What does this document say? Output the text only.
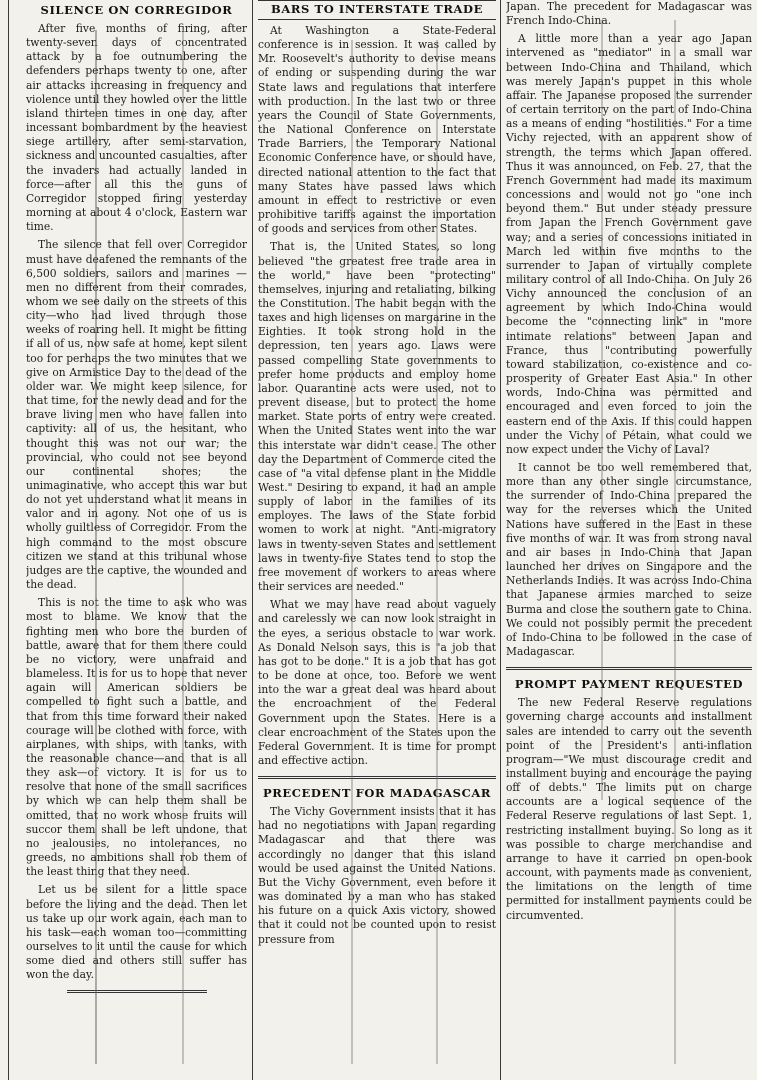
SILENCE ON CORREGIDOR

After five months of firing, after twenty-seven days of concentrated attack by a foe outnumbering the defenders perhaps twenty to one, after air attacks increasing in frequency and violence until they howled over the little island thirteen times in one day, after incessant bombardment by the heaviest siege artillery, after semi-starvation, sickness and uncounted casualties, after the invaders had actually landed in force—after all this the guns of Corregidor stopped firing yesterday morning at about 4 o'clock, Eastern war time.

The silence that fell over Corregidor must have deafened the remnants of the 6,500 soldiers, sailors and marines —men no different from their comrades, whom we see daily on the streets of this city—who had lived through those weeks of roaring hell. It might be fitting if all of us, now safe at home, kept silent too for perhaps the two minutes that we give on Armistice Day to the dead of the older war. We might keep silence, for that time, for the newly dead and for the brave living men who have fallen into captivity: all of us, the hesitant, who thought this was not our war; the provincial, who could not see beyond our continental shores; the unimaginative, who accept this war but do not yet understand what it means in valor and in agony. Not one of us is wholly guiltless of Corregidor. From the high command to the most obscure citizen we stand at this tribunal whose judges are the captive, the wounded and the dead.

This is not the time to ask who was most to blame. We know that the fighting men who bore the burden of battle, aware that for them there could be no victory, were unafraid and blameless. It is for us to hope that never again will American soldiers be compelled to fight such a battle, and that from this time forward their naked courage will be clothed with force, with airplanes, with ships, with tanks, with the reasonable chance—and that is all they ask—of victory. It is for us to resolve that none of the small sacrifices by which we can help them shall be omitted, that no work whose fruits will succor them shall be left undone, that no jealousies, no intolerances, no greeds, no ambitions shall rob them of the least thing that they need.

Let us be silent for a little space before the living and the dead. Then let us take up our work again, each man to his task—each woman too—committing ourselves to it until the cause for which some died and others still suffer has won the day.

BARS TO INTERSTATE TRADE

At Washington a State-Federal conference is in session. It was called by Mr. Roosevelt's authority to devise means of ending or suspending during the war State laws and regulations that interfere with production. In the last two or three years the Council of State Governments, the National Conference on Interstate Trade Barriers, the Temporary National Economic Conference have, or should have, directed national attention to the fact that many States have passed laws which amount in effect to restrictive or even prohibitive tariffs against the importation of goods and services from other States.

That is, the United States, so long believed "the greatest free trade area in the world," have been "protecting" themselves, injuring and retaliating, bilking the Constitution. The habit began with the taxes and high licenses on margarine in the Eighties. It took strong hold in the depression, ten years ago. Laws were passed compelling State governments to prefer home products and employ home labor. Quarantine acts were used, not to prevent disease, but to protect the home market. State ports of entry were created. When the United States went into the war this interstate war didn't cease. The other day the Department of Commerce cited the case of "a vital defense plant in the Middle West." Desiring to expand, it had an ample supply of labor in the families of its employes. The laws of the State forbid women to work at night. "Anti-migratory laws in twenty-seven States and settlement laws in twenty-five States tend to stop the free movement of workers to areas where their services are needed."

What we may have read about vaguely and carelessly we can now look straight in the eyes, a serious obstacle to war work. As Donald Nelson says, this is "a job that has got to be done." It is a job that has got to be done at once, too. Before we went into the war a great deal was heard about the encroachment of the Federal Government upon the States. Here is a clear encroachment of the States upon the Federal Government. It is time for prompt and effective action.

PRECEDENT FOR MADAGASCAR

The Vichy Government insists that it has had no negotiations with Japan regarding Madagascar and that there was accordingly no danger that this island would be used against the United Nations. But the Vichy Government, even before it was dominated by a man who has staked his future on a quick Axis victory, showed that it could not be counted upon to resist pressure from

Japan. The precedent for Madagascar was French Indo-China.

A little more than a year ago Japan intervened as "mediator" in a small war between Indo-China and Thailand, which was merely Japan's puppet in this whole affair. The Japanese proposed the surrender of certain territory on the part of Indo-China as a means of ending "hostilities." For a time Vichy rejected, with an apparent show of strength, the terms which Japan offered. Thus it was announced, on Feb. 27, that the French Government had made its maximum concessions and would not go "one inch beyond them." But under steady pressure from Japan the French Government gave way; and a series of concessions initiated in March led within five months to the surrender to Japan of virtually complete military control of all Indo-China. On July 26 Vichy announced the conclusion of an agreement by which Indo-China would become the "connecting link" in "more intimate relations" between Japan and France, thus "contributing powerfully toward stabilization, co-existence and co-prosperity of Greater East Asia." In other words, Indo-China was permitted and encouraged and even forced to join the eastern end of the Axis. If this could happen under the Vichy of Pétain, what could we now expect under the Vichy of Laval?

It cannot be too well remembered that, more than any other single circumstance, the surrender of Indo-China prepared the way for the reverses which the United Nations have suffered in the East in these five months of war. It was from strong naval and air bases in Indo-China that Japan launched her drives on Singapore and the Netherlands Indies. It was across Indo-China that Japanese armies marched to seize Burma and close the southern gate to China. We could not possibly permit the precedent of Indo-China to be followed in the case of Madagascar.

PROMPT PAYMENT REQUESTED

The new Federal Reserve regulations governing charge accounts and installment sales are intended to carry out the seventh point of the President's anti-inflation program—"We must discourage credit and installment buying and encourage the paying off of debts." The limits put on charge accounts are a logical sequence of the Federal Reserve regulations of last Sept. 1, restricting installment buying. So long as it was possible to charge merchandise and arrange to have it carried on open-book account, with payments made as convenient, the limitations on the length of time permitted for installment payments could be circumvented.
